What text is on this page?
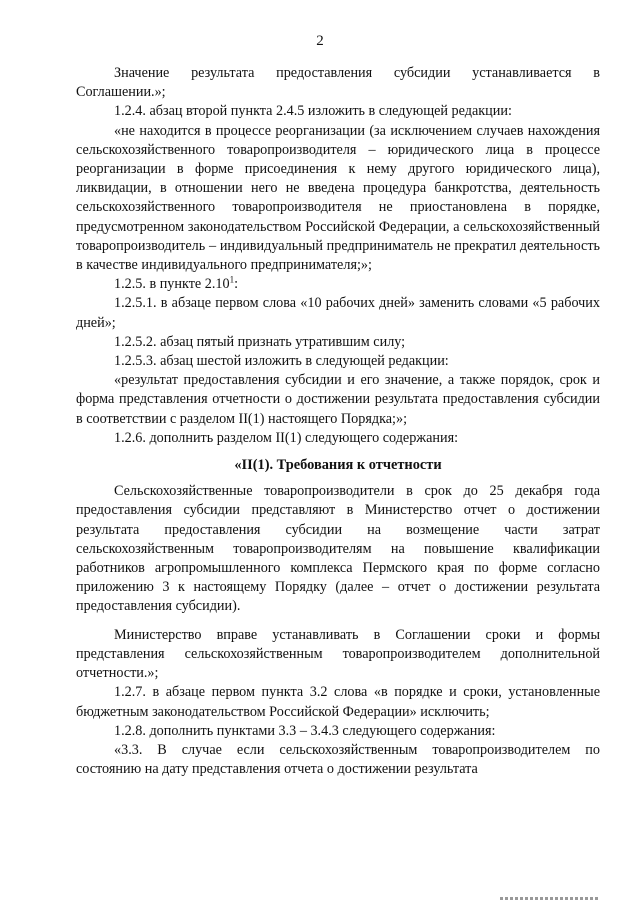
2

Значение результата предоставления субсидии устанавливается в Соглашении.»;

1.2.4. абзац второй пункта 2.4.5 изложить в следующей редакции:

«не находится в процессе реорганизации (за исключением случаев нахождения сельскохозяйственного товаропроизводителя – юридического лица в процессе реорганизации в форме присоединения к нему другого юридического лица), ликвидации, в отношении него не введена процедура банкротства, деятельность сельскохозяйственного товаропроизводителя не приостановлена в порядке, предусмотренном законодательством Российской Федерации, а сельскохозяйственный товаропроизводитель – индивидуальный предприниматель не прекратил деятельность в качестве индивидуального предпринимателя;»;

1.2.5. в пункте 2.10$^1$:

1.2.5.1. в абзаце первом слова «10 рабочих дней» заменить словами «5 рабочих дней»;

1.2.5.2. абзац пятый признать утратившим силу;

1.2.5.3. абзац шестой изложить в следующей редакции:

«результат предоставления субсидии и его значение, а также порядок, срок и форма представления отчетности о достижении результата предоставления субсидии в соответствии с разделом II(1) настоящего Порядка;»;

1.2.6. дополнить разделом II(1) следующего содержания:

«II(1). Требования к отчетности

Сельскохозяйственные товаропроизводители в срок до 25 декабря года предоставления субсидии представляют в Министерство отчет о достижении результата предоставления субсидии на возмещение части затрат сельскохозяйственным товаропроизводителям на повышение квалификации работников агропромышленного комплекса Пермского края по форме согласно приложению 3 к настоящему Порядку (далее – отчет о достижении результата предоставления субсидии).

Министерство вправе устанавливать в Соглашении сроки и формы представления сельскохозяйственным товаропроизводителем дополнительной отчетности.»;

1.2.7. в абзаце первом пункта 3.2 слова «в порядке и сроки, установленные бюджетным законодательством Российской Федерации» исключить;

1.2.8. дополнить пунктами 3.3 – 3.4.3 следующего содержания:

«3.3. В случае если сельскохозяйственным товаропроизводителем по состоянию на дату представления отчета о достижении результата
